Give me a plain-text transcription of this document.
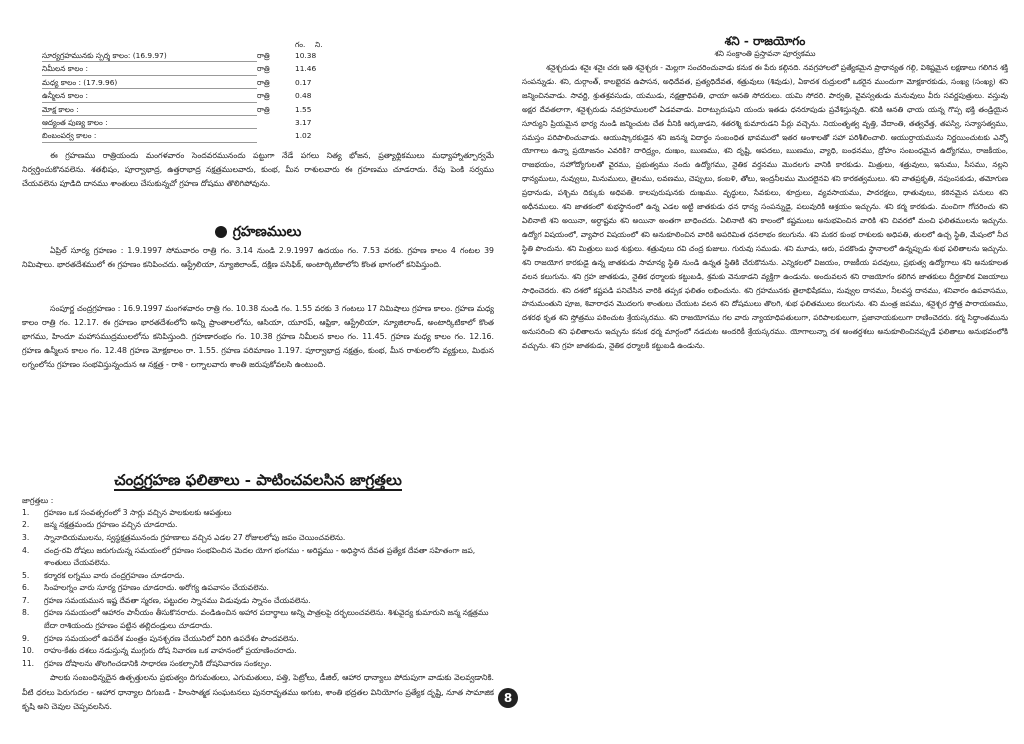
గం.	ని.
సూర్యగ్రహమునకు స్పర్శ కాలం: (16.9.97)	రాత్రి	10.38
నిమీలన కాలం :	రాత్రి	11.46
మధ్య కాలం : (17.9.96)	రాత్రి	0.17
ఉన్మీలన కాలం :	రాత్రి	0.48
మోక్ష కాలం :	రాత్రి	1.55
ఆద్యంత పుణ్య కాలం :	3.17
బింబంపర్వ కాలం :	1.02

ఈ గ్రహణము రాత్రియందు మంగళవారం సెందవరమునందు పట్టుగా నేడే పగలు నిత్య భోజన, ప్రత్యాథ్లికములు మధ్యాహ్నాత్పూర్వమే నిర్వర్తించుకొనవలెను. శతభిషం, పూర్వాభాద్ర, ఉత్తరాభాద్ర నక్షత్రములవారు, కుంభ, మీన రాశులవారు ఈ గ్రహణము చూడరాదు. రేపు పెంకి సర్వము చేయవలెను పూడిది దానము శాంతులు చేసుకున్నచో గ్రహణ దోషము తొలిగిపోవును.

గ్రహణములు

ఏప్రిల్ సూర్య గ్రహణం : 1.9.1997 సోమవారం రాత్రి గం. 3.14 నుండి 2.9.1997 ఉదయం గం. 7.53 వరకు. గ్రహణ కాలం 4 గంటల 39 నిమిషాలు. భారతదేశములో ఈ గ్రహణం కనిపించదు. ఆస్ట్రేలియా, న్యూజిలాండ్, దక్షిణ పసిఫిక్, అంటార్కిటికాలోని కొంత భాగంలో కనిపిస్తుంది.

సంపూర్ణ చంద్రగ్రహణం : 16.9.1997 మంగళవారం రాత్రి గం. 10.38 నుండి గం. 1.55 వరకు 3 గంటలు 17 నిమిషాలు గ్రహణ కాలం. గ్రహణ మధ్య కాలం రాత్రి గం. 12.17. ఈ గ్రహణం భారతదేశంలోని అన్ని ప్రాంతాలలోను, ఆసియా, యూరప్, ఆఫ్రికా, ఆస్ట్రేలియా, న్యూజిలాండ్, అంటార్కిటికాలో కొంత భాగము, హిందూ మహాసముద్రములలోను కనిపిస్తుంది. గ్రహణారంభం గం. 10.38 గ్రహణ నిమీలన కాలం గం. 11.45. గ్రహణ మధ్య కాలం గం. 12.16. గ్రహణ ఉన్మీలన కాలం గం. 12.48 గ్రహణ మోక్షకాలం రా. 1.55. గ్రహణ పరిమాణం 1.197. పూర్వాభాద్ర నక్షత్రం, కుంభ, మీన రాశులలోని వ్యక్తులు, మిథున లగ్నంలోను గ్రహణం సంభవిస్తున్నందున ఆ నక్షత్ర - రాశి - లగ్నాలవారు శాంతి జరుపుకోవలసి ఉంటుంది.

చంద్రగ్రహణ ఫలితాలు - పాటించవలసిన జాగ్రత్తలు
జాగ్రత్తలు :
1.	గ్రహణం ఒక సంవత్సరంలో 3 సార్లు వచ్చిన పాలకులకు ఆపత్తులు
2.	జన్మ నక్షత్రమందు గ్రహణం వచ్చిన చూడరాదు.
3.	స్నానాదియములను, స్వస్థక్షత్రమునందు గ్రహణాలు వచ్చిన ఎడల 27 రోజులలోపు జపం చెయించవలెను.
4.	చంద్ర-రవి దోషలు జరుగుచున్న సమయంలో గ్రహణం సంభవించిన మెదల యోగ భంగము - అరిష్టము - అధిస్థాన దేవత ప్రత్యేక దేవతా సహితంగా జప, శాంతులు చేయవలెను.
5.	కర్మారక లగ్నము వారు చంద్రగ్రహణం చూడరాదు.
6.	సింహలగ్నం వారు సూర్య గ్రహణం చూడరాదు. అరోగ్య ఉపవాసం చేయవలెను.
7.	గ్రహణ సమయమున ఇష్ట దేవతా స్మరణ, పట్టుదల స్నానము విడువుడు స్నానం చేయవలెను.
8.	గ్రహణ సమయంలో ఆహారం పానీయం తీసుకొనరాదు. వండిఉంచిన అహార పదార్థాలు అన్ని పాత్రలపై దర్భలుంచవలెను. శిశువైద్య కుమారుని జన్మ నక్షత్రము బేదా రాశియందు గ్రహణం పట్టిన తల్లిదండ్రులు చూడరాదు.
9.	గ్రహణ సమయంలో ఉపదేశ మంత్రం పునశ్చరణ చేయునిలో విరిగి ఉపదేశం పొందవలెను.
10.	రాహు-కేతు దశలు నడుస్తున్న ముగ్గురు దోష నివారణ ఒక వాహనంలో ప్రయాణించరాదు.
11.	గ్రహణ దోషాలను తొలగించడానికి సాధారణ సంకల్పానికి దోషనివారణ సంకల్పం.

పాలకు సంబంధిన్నదైన ఉత్పత్తులను ప్రభుత్వం దిగుమతులు, ఎగుమతులు, పత్తి, పెట్రోలు, డీజిల్, ఆహార ధాన్యాలు పోదుపుగా వాడుకు వెలవ్వడానికి. వీటి ధరలు పెరుగుదల - ఆహార ధాన్యాల దిగుబడి - హింసాత్మక సంఘటనలు పునరావృతము అగుట, శాంతి భద్రతల వినియోగం ప్రత్యేక దృష్టి, నూత సామాజిక కృషి అని చెవుల చెప్పవలసిన.

8
శని - రాజయోగం
శని సంక్రాంతి ప్రస్తావనా పూర్వకము

శనైశ్చరుడు శనైః శనైః చరః ఇతి శనైశ్చరః - మెల్లగా సంచరించువాడు కనుక ఈ పేరు కల్గినది. నవగ్రహాలలో ప్రత్యేకమైన ప్రాధాన్యత గల్గి, విశిష్టమైన లక్షణాలు గలిగిన శక్తి సంపన్నుడు. శని, దుర్గాంత్, కాలభైరవ ఉపాసన, అధిదేవత, ప్రత్యధిదేవత, శత్రువులు (శివుడు), ఏకాదశ రుద్రులలో ఒకరైన ముందుగా మోక్షకారకుడు, సంఖ్య (సంఖ్య) శని జన్మించినవాడు. సావర్ణి, శ్రుతశ్రవసుడు, యముడు, నక్షత్రాధిపతి, ఛాయా ఆనతి సోదరులు. యమి సోదరి. పార్వతి, వైవస్వతుడు మనువులు వీరు సవర్ణపుత్రులు. వస్తువు అక్షర దేవతలాగా, శనైశ్చరుడు నవగ్రహములలో ఏడవవాడు. విరాట్పురుషుని యందు ఇతడు ధనరూపుడు ప్రవేశిస్తున్నది. శనికి ఆనతి ఛాయ యన్న గొప్ప భక్తి తండ్రియైన సూర్యుని ప్రియమైన భార్య నుండి జన్మించుట చేత వీనికి ఆర్కజుడని, శతరశ్మి కుమారుడని పేర్లు వచ్చెను. నియంతృత్వ వృత్తి, వేదాంతి, తత్వవేత్త, తపస్వి, సన్యాసత్వము, సమస్తం పరిపాలించువాడు. ఆయుష్కారకుడైన శని జనన్మ విదార్థం సంబంధిత భావములో ఇతర అంశాలతో సహా పరిశీలించాలి. ఆయుర్దాయమును నిర్ణయించుటకు ఎన్నో యోగాలు ఉన్నా ప్రయోజనం ఎవరికి? దారిద్ర్యం, దుఃఖం, ఋణము, శని దృష్టి, ఆపదలు, ఋణము, వ్యాధి, బంధనము, ద్రోహం సంబంధమైన ఉద్యోగము, రాజకీయం, రాజభయం, సహోద్యోగులతో వైరము, ప్రభుత్వము నందు ఉద్యోగము, నైతిక వర్తనము మొదలగు వానికి కారకుడు. మిత్రులు, శత్రువులు, ఇనుము, సీసము, నల్లని ధాన్యములు, నువ్వులు, మినుములు, తైలము, లవణము, చెప్పులు, కంబళి, తోలు, ఇంద్రనీలము మొదలైనవి శని కారకత్వములు. శని వాతప్రకృతి, నపుంసకుడు, తమోగుణ ప్రధానుడు, పశ్చిమ దిక్కుకు అధిపతి. కాలపురుషునకు దుఃఖము. వృద్ధులు, సేవకులు, శూద్రులు, వ్యవసాయము, పాదరక్షలు, ధాతువులు, కఠినమైన పనులు శని అధీనములు. శని జాతకంలో శుభస్థానంలో ఉన్న ఎడల అట్టి జాతకుడు ధన ధాన్య సంపన్నుడై, పలువురికి ఆశ్రయం ఇచ్చును. శని కర్మ కారకుడు. మంచిగా గోచరించు శని ఏలినాటి శని అయినా, అర్ధాష్టమ శని అయినా అంతగా బాధించదు. ఏలినాటి శని కాలంలో కష్టములు అనుభవించిన వారికి శని చివరలో మంచి ఫలితములను ఇచ్చును. ఉద్యోగ విషయంలో, వ్యాపార విషయంలో శని అనుకూలించిన వారికి అపరిమిత ధనలాభం కలుగును. శని మకర కుంభ రాశులకు అధిపతి, తులలో ఉచ్చ స్థితి, మేషంలో నీచ స్థితి పొందును. శని మిత్రులు బుధ శుక్రులు. శత్రువులు రవి చంద్ర కుజులు. గురువు సముడు. శని మూడు, ఆరు, పదకొండు స్థానాలలో ఉన్నప్పుడు శుభ ఫలితాలను ఇచ్చును. శని రాజయోగ కారకుడై ఉన్న జాతకుడు సామాన్య స్థితి నుండి ఉన్నత స్థితికి చేరుకొనును. ఎన్నికలలో విజయం, రాజకీయ పదవులు, ప్రభుత్వ ఉద్యోగాలు శని అనుకూలత వలన కలుగును. శని గ్రహ జాతకుడు, నైతిక ధర్మాలకు కట్టుబడి, శ్రమకు వెనుకాడని వ్యక్తిగా ఉండును. అందువలన శని రాజయోగం కలిగిన జాతకులు దీర్ఘకాలిక విజయాలు సాధించెదరు. శని దశలో కష్టపడి పనిచేసిన వారికి తప్పక ఫలితం లభించును. శని గ్రహమునకు తైలాభిషేకము, నువ్వుల దానము, నీలవస్త్ర దానము, శనివారం ఉపవాసము, హనుమంతుని పూజ, శివారాధన మొదలగు శాంతులు చేయుట వలన శని దోషములు తొలగి, శుభ ఫలితములు కలుగును. శని మంత్ర జపము, శనైశ్చర స్తోత్ర పారాయణము, దశరథ కృత శని స్తోత్రము పఠించుట శ్రేయస్కరము. శని రాజయోగము గల వారు న్యాయాధిపతులుగా, పరిపాలకులుగా, ప్రజానాయకులుగా రాణించెదరు. కర్మ సిద్ధాంతమును అనుసరించి శని ఫలితాలను ఇచ్చును కనుక ధర్మ మార్గంలో నడచుట అందరికీ శ్రేయస్కరము. యోగాలున్నా దశ అంతర్దశలు అనుకూలించినప్పుడే ఫలితాలు అనుభవంలోకి వచ్చును. శని గ్రహ జాతకుడు, నైతిక ధర్మాలకి కట్టుబడి ఉండును.
